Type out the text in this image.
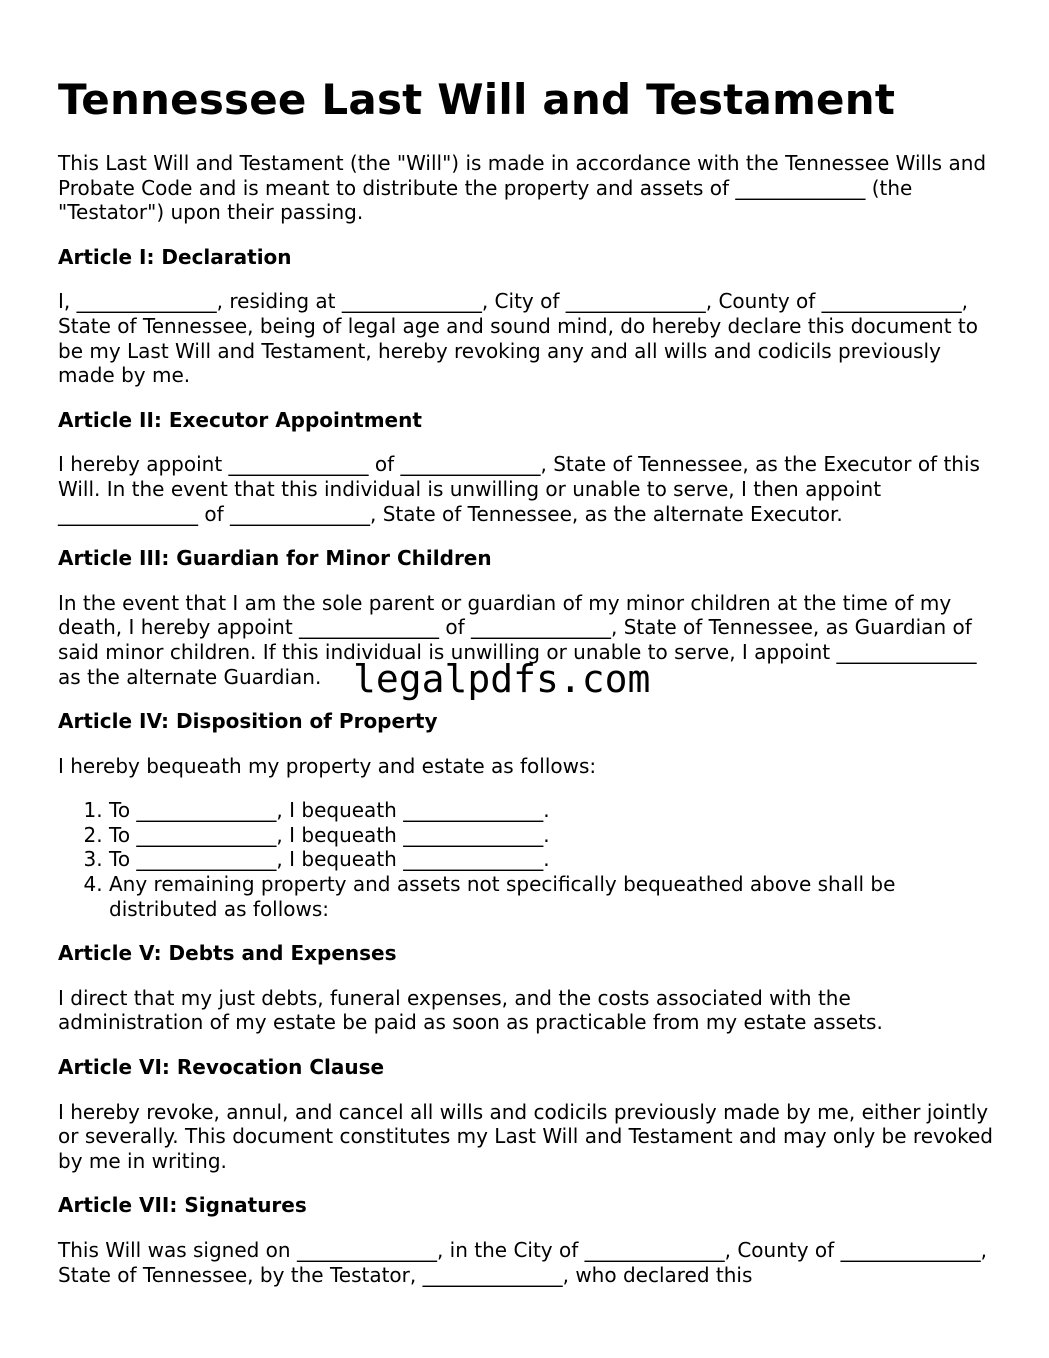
Tennessee Last Will and Testament

This Last Will and Testament (the "Will") is made in accordance with the Tennessee Wills and Probate Code and is meant to distribute the property and assets of _____________ (the "Testator") upon their passing.

Article I: Declaration

I, ______________, residing at ______________, City of ______________, County of ______________, State of Tennessee, being of legal age and sound mind, do hereby declare this document to be my Last Will and Testament, hereby revoking any and all wills and codicils previously made by me.

Article II: Executor Appointment

I hereby appoint ______________ of ______________, State of Tennessee, as the Executor of this Will. In the event that this individual is unwilling or unable to serve, I then appoint ______________ of ______________, State of Tennessee, as the alternate Executor.

Article III: Guardian for Minor Children

In the event that I am the sole parent or guardian of my minor children at the time of my death, I hereby appoint ______________ of ______________, State of Tennessee, as Guardian of said minor children. If this individual is unwilling or unable to serve, I appoint ______________ as the alternate Guardian.

Article IV: Disposition of Property

I hereby bequeath my property and estate as follows:

1. To ______________, I bequeath ______________.
2. To ______________, I bequeath ______________.
3. To ______________, I bequeath ______________.
4. Any remaining property and assets not specifically bequeathed above shall be distributed as follows:
Article V: Debts and Expenses

I direct that my just debts, funeral expenses, and the costs associated with the administration of my estate be paid as soon as practicable from my estate assets.

Article VI: Revocation Clause

I hereby revoke, annul, and cancel all wills and codicils previously made by me, either jointly or severally. This document constitutes my Last Will and Testament and may only be revoked by me in writing.

Article VII: Signatures

This Will was signed on ______________, in the City of ______________, County of ______________, State of Tennessee, by the Testator, ______________, who declared this

legalpdfs.com
